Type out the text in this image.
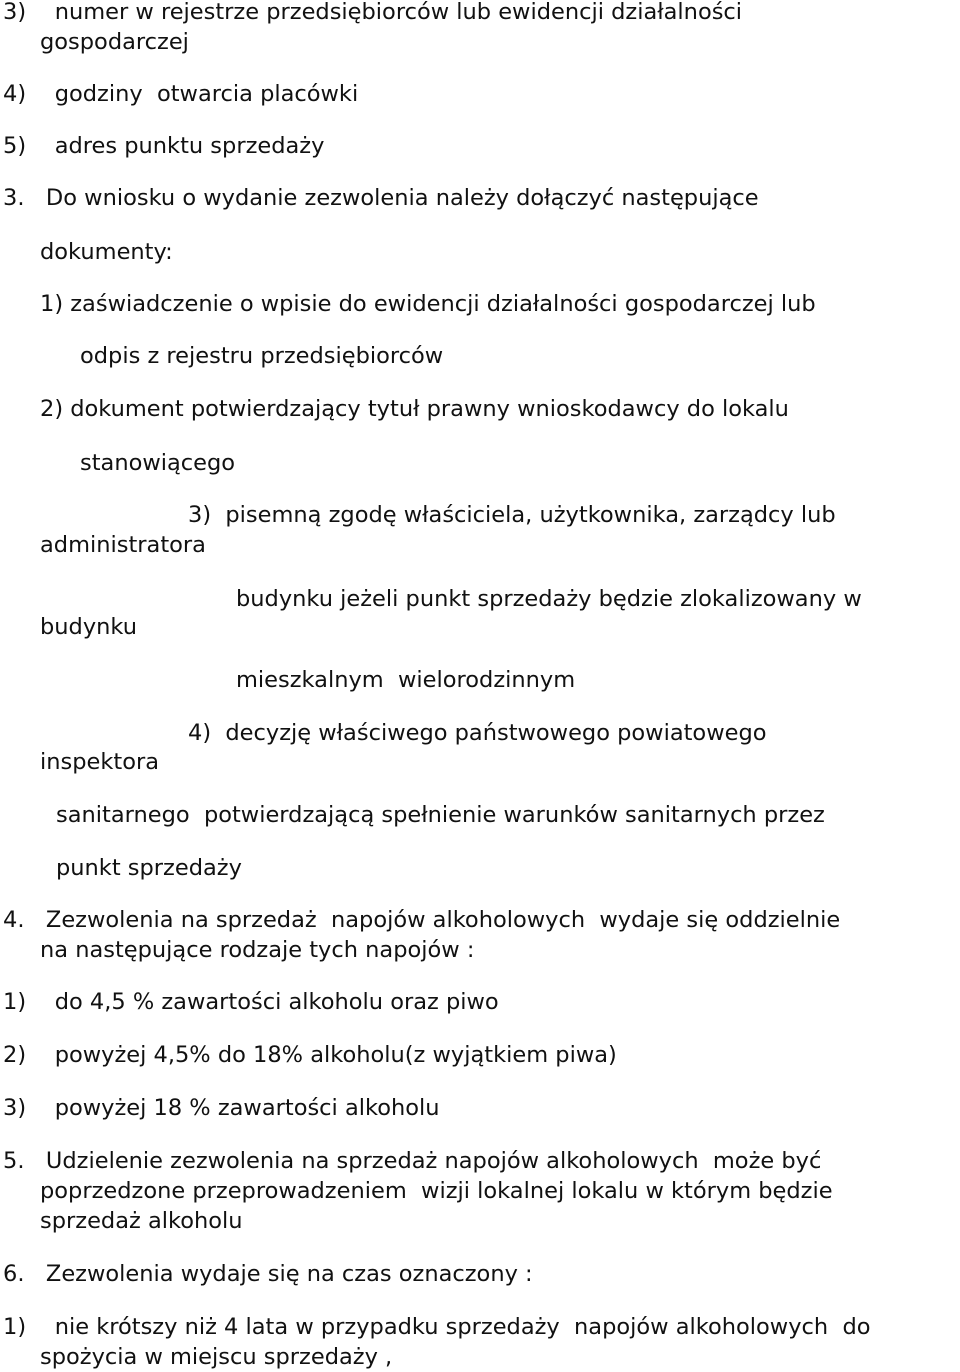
3)    numer w rejestrze przedsiębiorców lub ewidencji działalności

gospodarczej

4)    godziny  otwarcia placówki

5)    adres punktu sprzedaży

3.   Do wniosku o wydanie zezwolenia należy dołączyć następujące

dokumenty:

1) zaświadczenie o wpisie do ewidencji działalności gospodarczej lub

odpis z rejestru przedsiębiorców

2) dokument potwierdzający tytuł prawny wnioskodawcy do lokalu

stanowiącego

3)  pisemną zgodę właściciela, użytkownika, zarządcy lub

administratora

budynku jeżeli punkt sprzedaży będzie zlokalizowany w

budynku

mieszkalnym  wielorodzinnym

4)  decyzję właściwego państwowego powiatowego

inspektora

sanitarnego  potwierdzającą spełnienie warunków sanitarnych przez

punkt sprzedaży

4.   Zezwolenia na sprzedaż  napojów alkoholowych  wydaje się oddzielnie

na następujące rodzaje tych napojów :

1)    do 4,5 % zawartości alkoholu oraz piwo

2)    powyżej 4,5% do 18% alkoholu(z wyjątkiem piwa)

3)    powyżej 18 % zawartości alkoholu

5.   Udzielenie zezwolenia na sprzedaż napojów alkoholowych  może być

poprzedzone przeprowadzeniem  wizji lokalnej lokalu w którym będzie

sprzedaż alkoholu

6.   Zezwolenia wydaje się na czas oznaczony :

1)    nie krótszy niż 4 lata w przypadku sprzedaży  napojów alkoholowych  do

spożycia w miejscu sprzedaży ,
